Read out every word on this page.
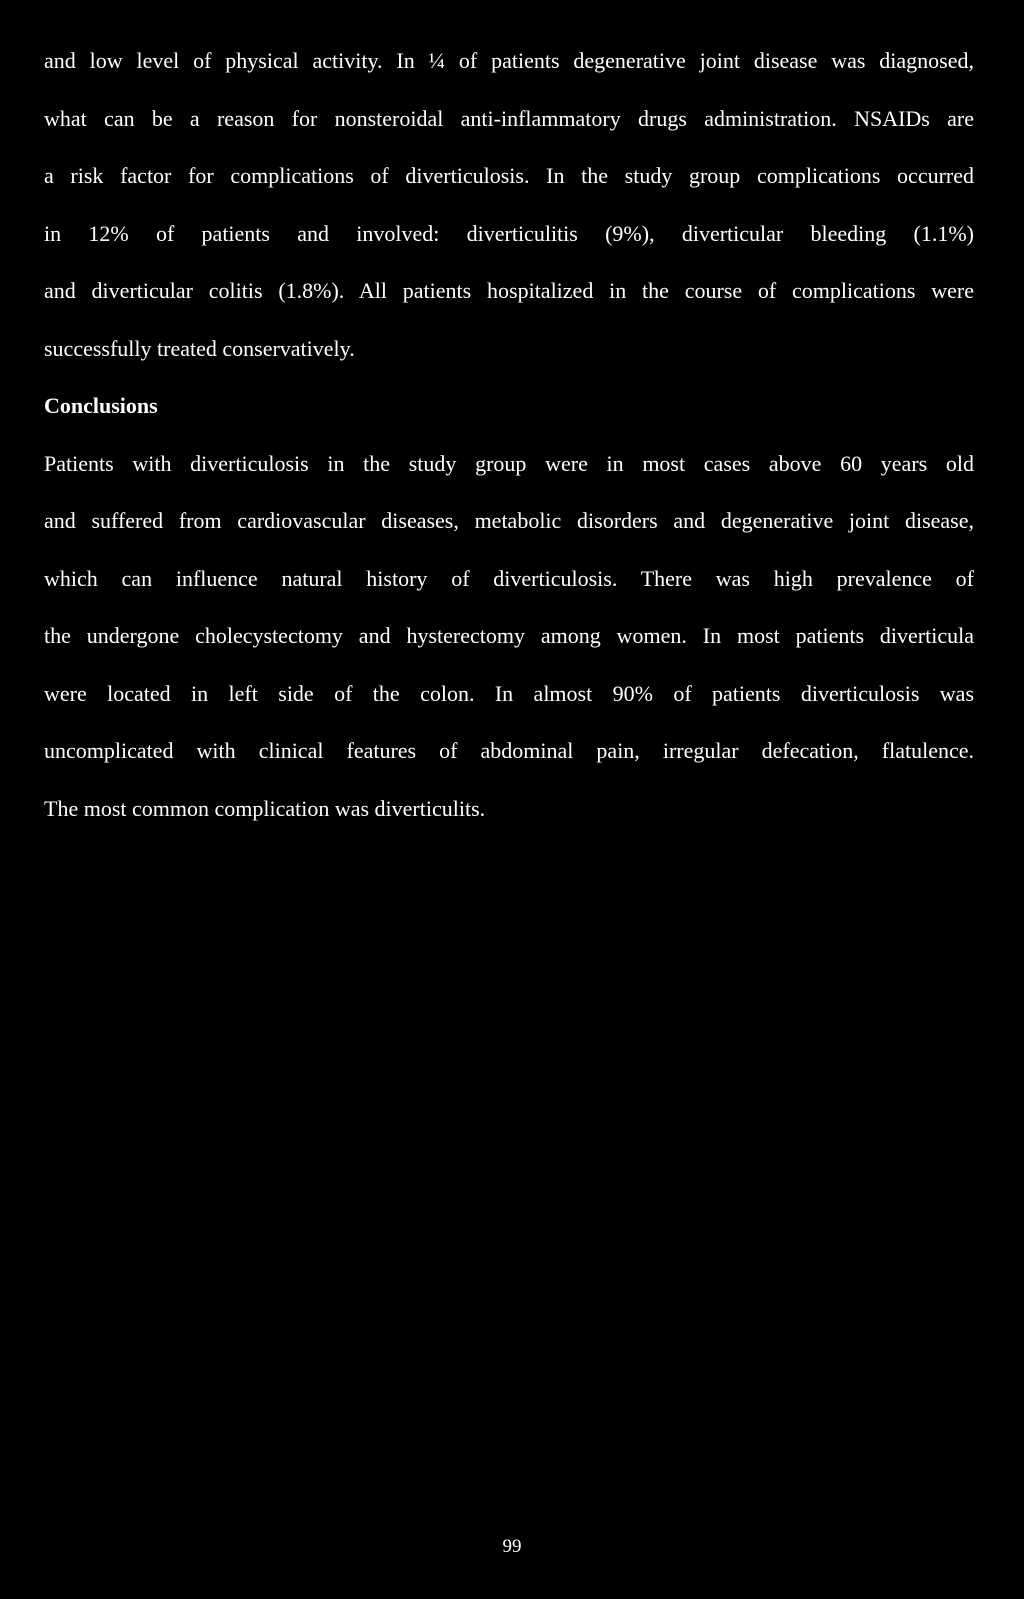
and low level of physical activity. In ¼ of patients degenerative joint disease was diagnosed,
what can be a reason for nonsteroidal anti-inflammatory drugs administration. NSAIDs are
a risk factor for complications of diverticulosis. In the study group complications occurred
in 12% of patients and involved: diverticulitis (9%), diverticular bleeding (1.1%)
and diverticular colitis (1.8%). All patients hospitalized in the course of complications were
successfully treated conservatively.
Conclusions
Patients with diverticulosis in the study group were in most cases above 60 years old
and suffered from cardiovascular diseases, metabolic disorders and degenerative joint disease,
which can influence natural history of diverticulosis. There was high prevalence of
the undergone cholecystectomy and hysterectomy among women. In most patients diverticula
were located in left side of the colon. In almost 90% of patients diverticulosis was
uncomplicated with clinical features of abdominal pain, irregular defecation, flatulence.
The most common complication was diverticulits.
99
